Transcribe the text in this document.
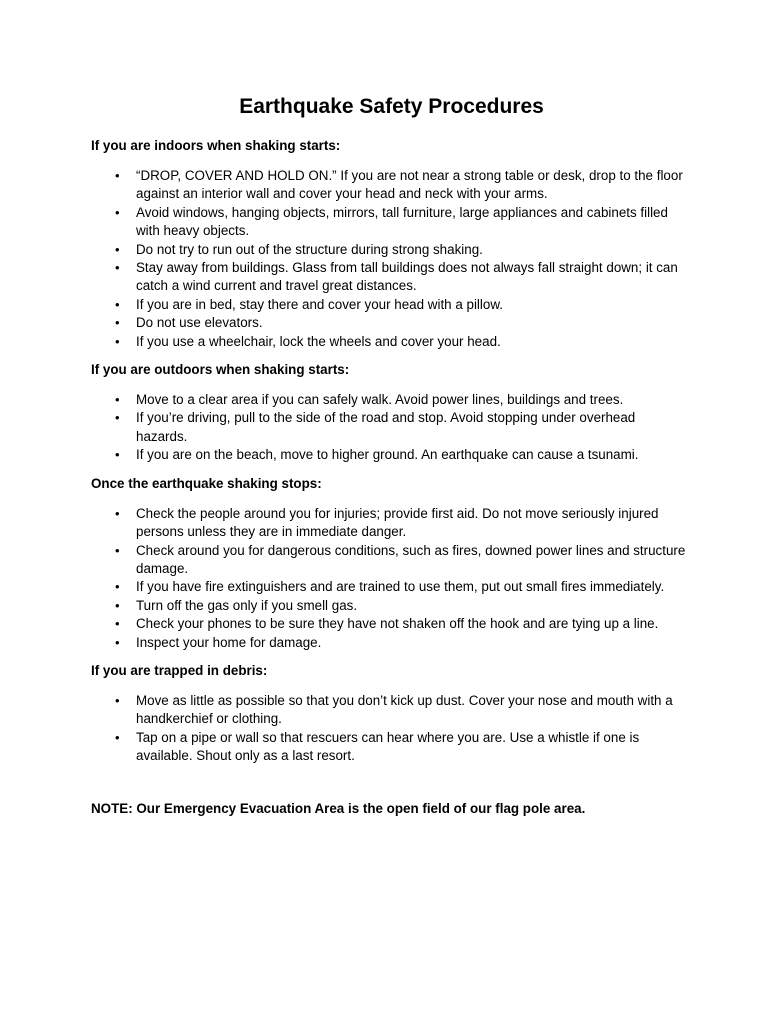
Earthquake Safety Procedures
If you are indoors when shaking starts:
• “DROP, COVER AND HOLD ON.” If you are not near a strong table or desk, drop to the floor against an interior wall and cover your head and neck with your arms.
• Avoid windows, hanging objects, mirrors, tall furniture, large appliances and cabinets filled with heavy objects.
• Do not try to run out of the structure during strong shaking.
• Stay away from buildings. Glass from tall buildings does not always fall straight down; it can catch a wind current and travel great distances.
• If you are in bed, stay there and cover your head with a pillow.
• Do not use elevators.
• If you use a wheelchair, lock the wheels and cover your head.
If you are outdoors when shaking starts:
• Move to a clear area if you can safely walk. Avoid power lines, buildings and trees.
• If you’re driving, pull to the side of the road and stop. Avoid stopping under overhead hazards.
• If you are on the beach, move to higher ground. An earthquake can cause a tsunami.
Once the earthquake shaking stops:
• Check the people around you for injuries; provide first aid. Do not move seriously injured persons unless they are in immediate danger.
• Check around you for dangerous conditions, such as fires, downed power lines and structure damage.
• If you have fire extinguishers and are trained to use them, put out small fires immediately.
• Turn off the gas only if you smell gas.
• Check your phones to be sure they have not shaken off the hook and are tying up a line.
• Inspect your home for damage.
If you are trapped in debris:
• Move as little as possible so that you don’t kick up dust. Cover your nose and mouth with a handkerchief or clothing.
• Tap on a pipe or wall so that rescuers can hear where you are. Use a whistle if one is available. Shout only as a last resort.
NOTE: Our Emergency Evacuation Area is the open field of our flag pole area.
